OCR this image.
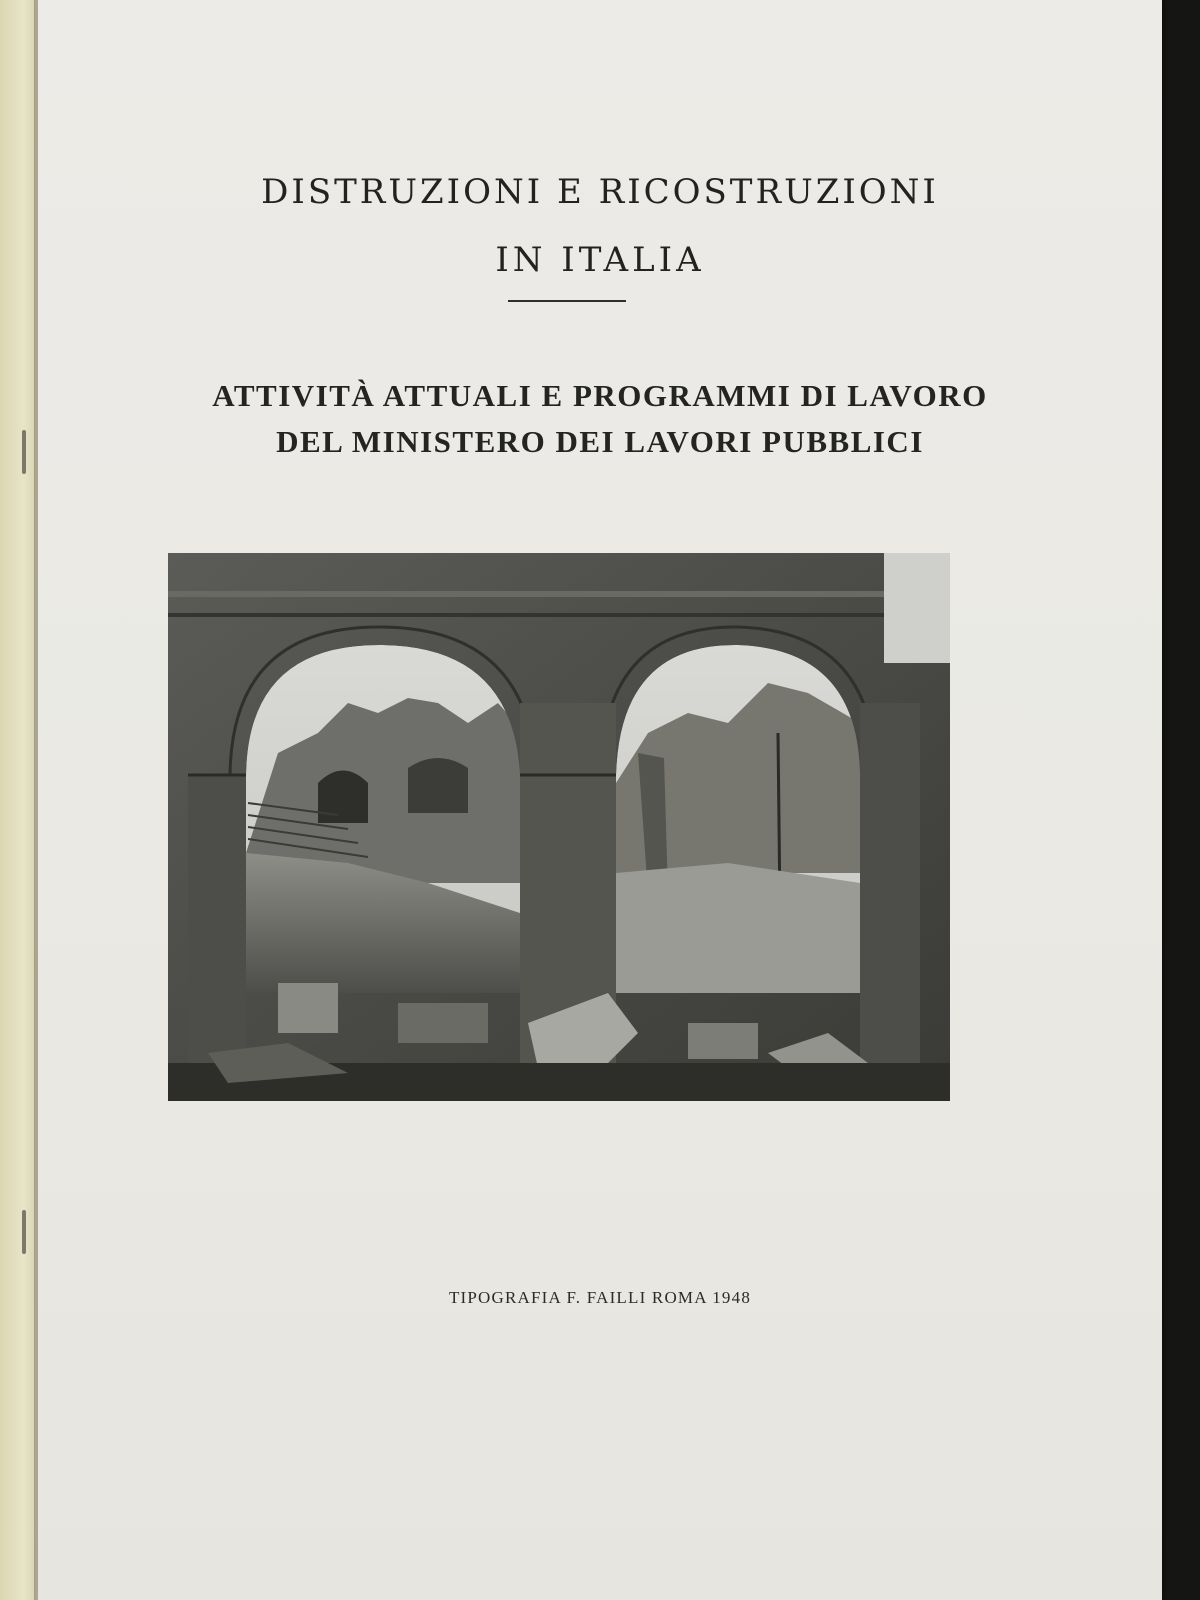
DISTRUZIONI E RICOSTRUZIONI
IN ITALIA
ATTIVITÀ ATTUALI E PROGRAMMI DI LAVORO
DEL MINISTERO DEI LAVORI PUBBLICI

TIPOGRAFIA F. FAILLI ROMA 1948
